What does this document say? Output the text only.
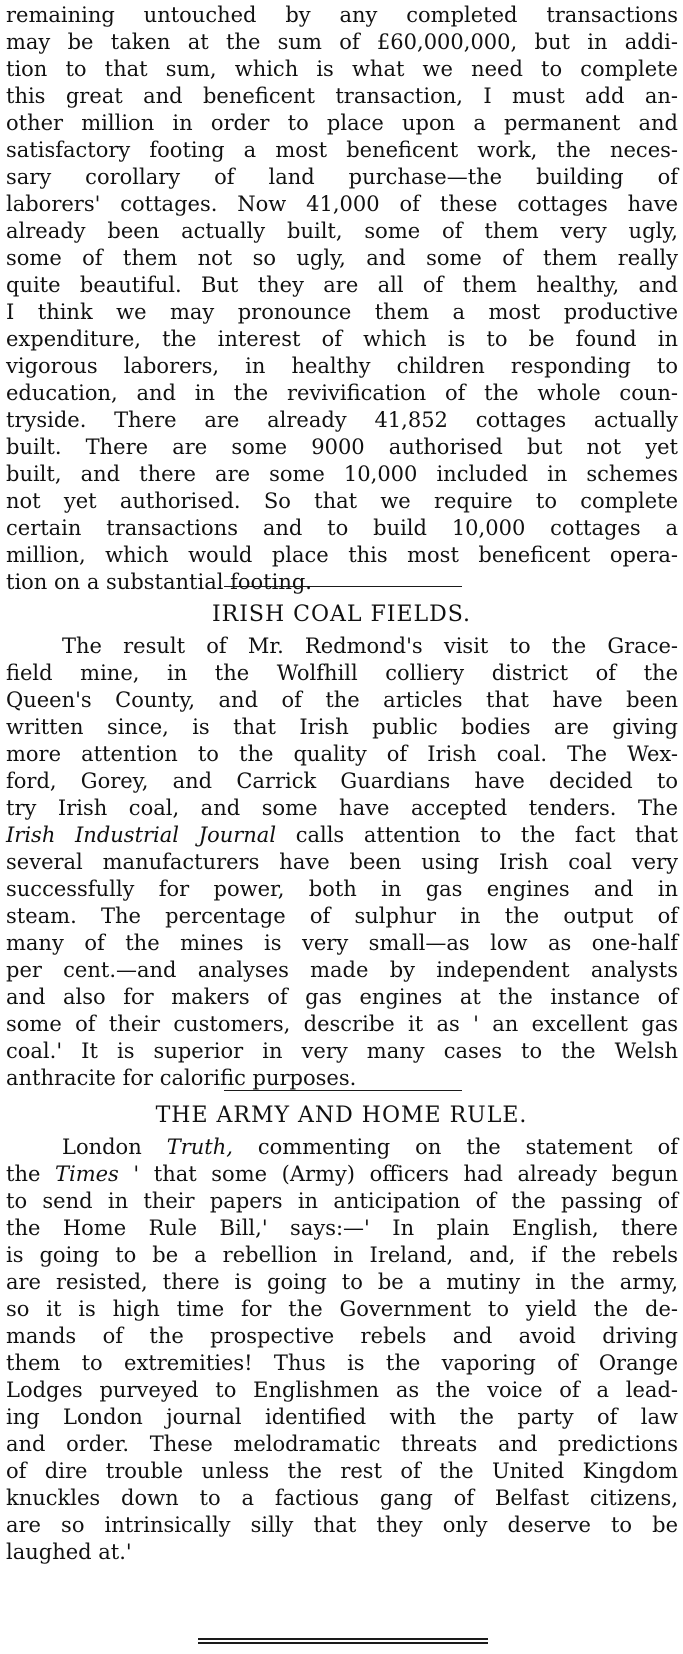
remaining untouched by any completed transactions
may be taken at the sum of £60,000,000, but in addi-
tion to that sum, which is what we need to complete
this great and beneficent transaction, I must add an-
other million in order to place upon a permanent and
satisfactory footing a most beneficent work, the neces-
sary corollary of land purchase—the building of
laborers' cottages. Now 41,000 of these cottages have
already been actually built, some of them very ugly,
some of them not so ugly, and some of them really
quite beautiful. But they are all of them healthy, and
I think we may pronounce them a most productive
expenditure, the interest of which is to be found in
vigorous laborers, in healthy children responding to
education, and in the revivification of the whole coun-
tryside. There are already 41,852 cottages actually
built. There are some 9000 authorised but not yet
built, and there are some 10,000 included in schemes
not yet authorised. So that we require to complete
certain transactions and to build 10,000 cottages a
million, which would place this most beneficent opera-
tion on a substantial footing.
IRISH COAL FIELDS.
The result of Mr. Redmond's visit to the Grace-
field mine, in the Wolfhill colliery district of the
Queen's County, and of the articles that have been
written since, is that Irish public bodies are giving
more attention to the quality of Irish coal. The Wex-
ford, Gorey, and Carrick Guardians have decided to
try Irish coal, and some have accepted tenders. The
Irish Industrial Journal calls attention to the fact that
several manufacturers have been using Irish coal very
successfully for power, both in gas engines and in
steam. The percentage of sulphur in the output of
many of the mines is very small—as low as one-half
per cent.—and analyses made by independent analysts
and also for makers of gas engines at the instance of
some of their customers, describe it as ' an excellent gas
coal.' It is superior in very many cases to the Welsh
anthracite for calorific purposes.
THE ARMY AND HOME RULE.
London Truth, commenting on the statement of
the Times ' that some (Army) officers had already begun
to send in their papers in anticipation of the passing of
the Home Rule Bill,' says:—' In plain English, there
is going to be a rebellion in Ireland, and, if the rebels
are resisted, there is going to be a mutiny in the army,
so it is high time for the Government to yield the de-
mands of the prospective rebels and avoid driving
them to extremities! Thus is the vaporing of Orange
Lodges purveyed to Englishmen as the voice of a lead-
ing London journal identified with the party of law
and order. These melodramatic threats and predictions
of dire trouble unless the rest of the United Kingdom
knuckles down to a factious gang of Belfast citizens,
are so intrinsically silly that they only deserve to be
laughed at.'
